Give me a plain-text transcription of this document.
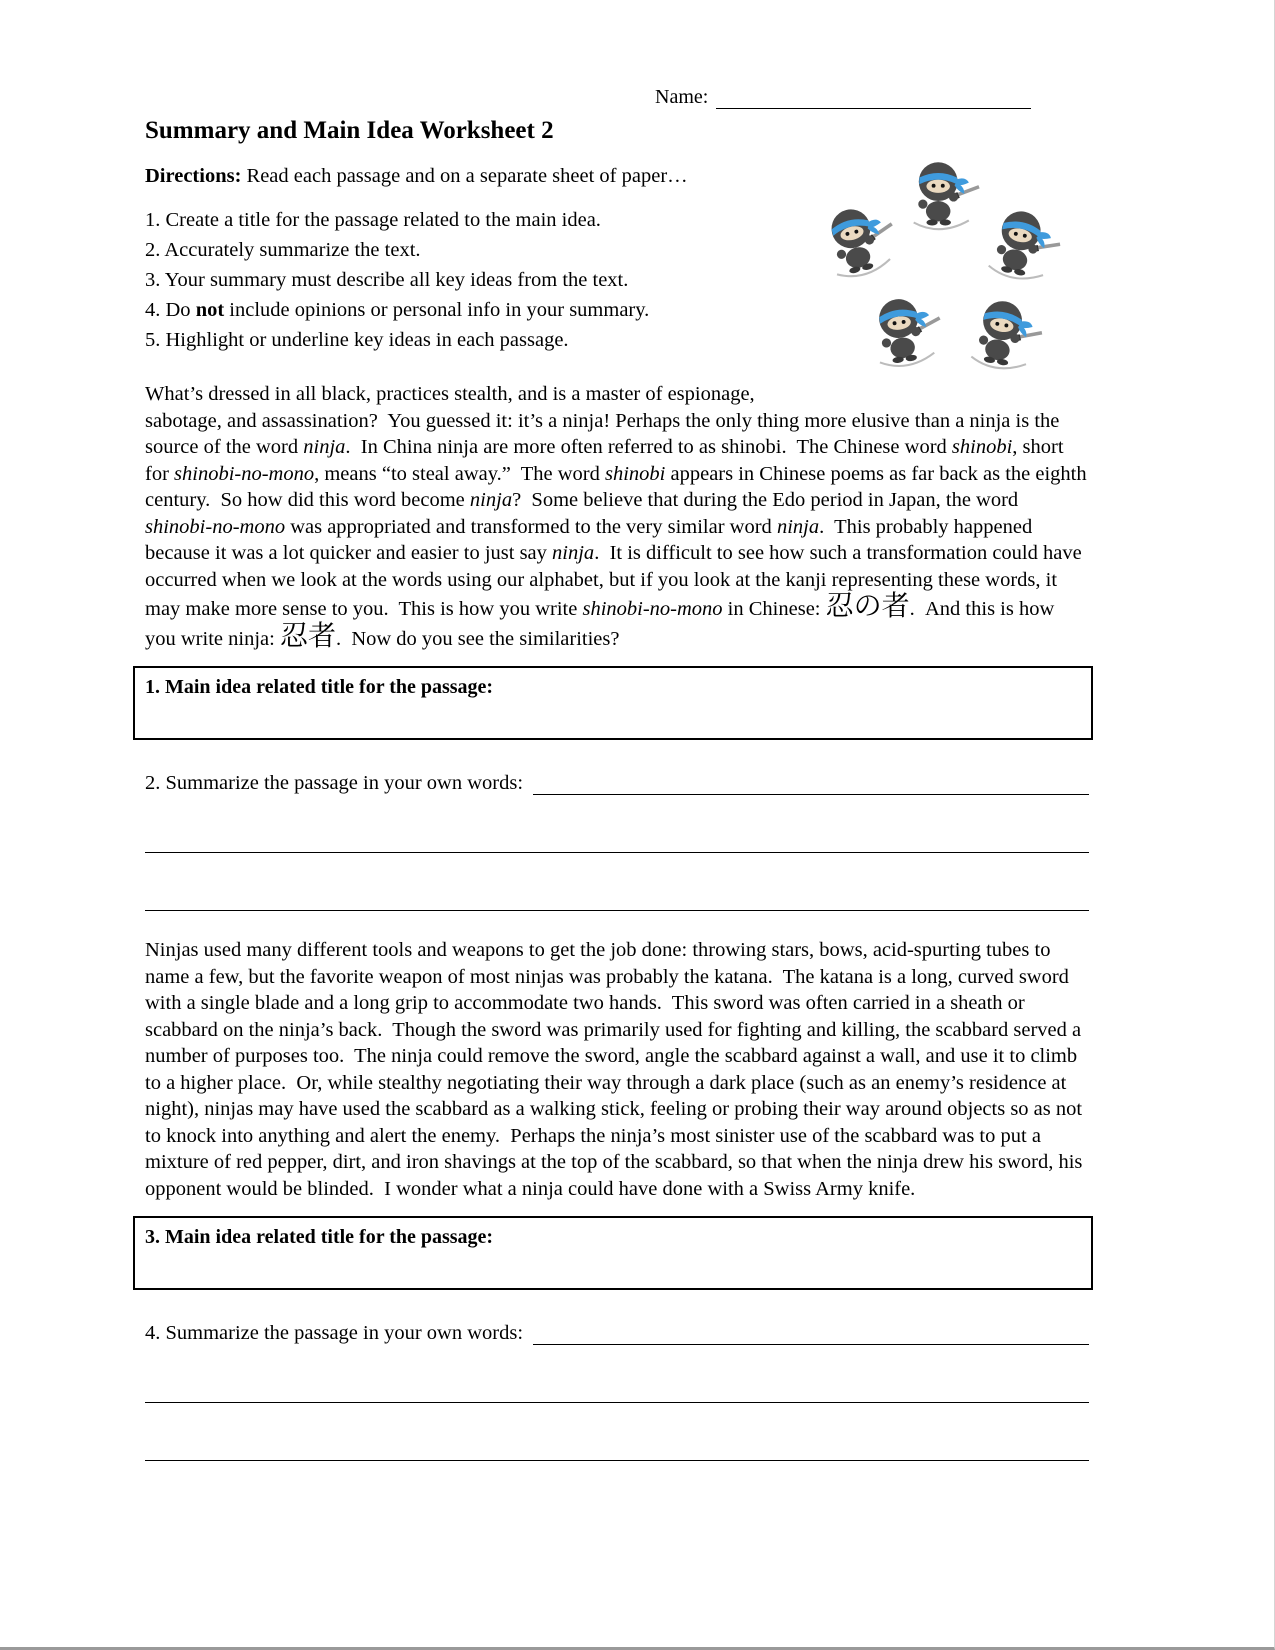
Name:
Summary and Main Idea Worksheet 2

Directions: Read each passage and on a separate sheet of paper…

1. Create a title for the passage related to the main idea.
2. Accurately summarize the text.
3. Your summary must describe all key ideas from the text.
4. Do not include opinions or personal info in your summary.
5. Highlight or underline key ideas in each passage.

What’s dressed in all black, practices stealth, and is a master of espionage, sabotage, and assassination?  You guessed it: it’s a ninja! Perhaps the only thing more elusive than a ninja is the source of the word ninja.  In China ninja are more often referred to as shinobi.  The Chinese word shinobi, short for shinobi-no-mono, means “to steal away.”  The word shinobi appears in Chinese poems as far back as the eighth century.  So how did this word become ninja?  Some believe that during the Edo period in Japan, the word shinobi-no-mono was appropriated and transformed to the very similar word ninja.  This probably happened because it was a lot quicker and easier to just say ninja.  It is difficult to see how such a transformation could have occurred when we look at the words using our alphabet, but if you look at the kanji representing these words, it may make more sense to you.  This is how you write shinobi-no-mono in Chinese: 忍の者.  And this is how you write ninja: 忍者.  Now do you see the similarities?

1. Main idea related title for the passage:
2. Summarize the passage in your own words:

Ninjas used many different tools and weapons to get the job done: throwing stars, bows, acid-spurting tubes to name a few, but the favorite weapon of most ninjas was probably the katana.  The katana is a long, curved sword with a single blade and a long grip to accommodate two hands.  This sword was often carried in a sheath or scabbard on the ninja’s back.  Though the sword was primarily used for fighting and killing, the scabbard served a number of purposes too.  The ninja could remove the sword, angle the scabbard against a wall, and use it to climb to a higher place.  Or, while stealthy negotiating their way through a dark place (such as an enemy’s residence at night), ninjas may have used the scabbard as a walking stick, feeling or probing their way around objects so as not to knock into anything and alert the enemy.  Perhaps the ninja’s most sinister use of the scabbard was to put a mixture of red pepper, dirt, and iron shavings at the top of the scabbard, so that when the ninja drew his sword, his opponent would be blinded.  I wonder what a ninja could have done with a Swiss Army knife.

3. Main idea related title for the passage:
4. Summarize the passage in your own words:
